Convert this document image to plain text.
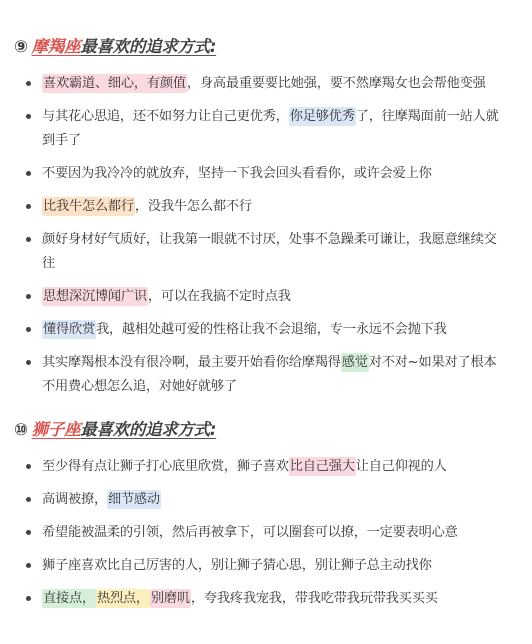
⑨ 摩羯座最喜欢的追求方式:
喜欢霸道、细心，有颜值，身高最重要要比她强，要不然摩羯女也会帮他变强
与其花心思追，还不如努力让自己更优秀，你足够优秀了，往摩羯面前一站人就到手了
不要因为我冷冷的就放弃，坚持一下我会回头看看你，或许会爱上你
比我牛怎么都行，没我牛怎么都不行
颜好身材好气质好，让我第一眼就不讨厌，处事不急躁柔可谦让，我愿意继续交往
思想深沉博闻广识，可以在我搞不定时点我
懂得欣赏我，越相处越可爱的性格让我不会退缩，专一永远不会抛下我
其实摩羯根本没有很冷啊，最主要开始看你给摩羯得感觉对不对~如果对了根本不用费心想怎么追，对她好就够了
⑩ 狮子座最喜欢的追求方式:
至少得有点让狮子打心底里欣赏，狮子喜欢比自己强大让自己仰视的人
高调被撩，细节感动
希望能被温柔的引领，然后再被拿下，可以圈套可以撩，一定要表明心意
狮子座喜欢比自己厉害的人，别让狮子猜心思，别让狮子总主动找你
直接点， 热烈点， 别磨叽，夸我疼我宠我，带我吃带我玩带我买买买
